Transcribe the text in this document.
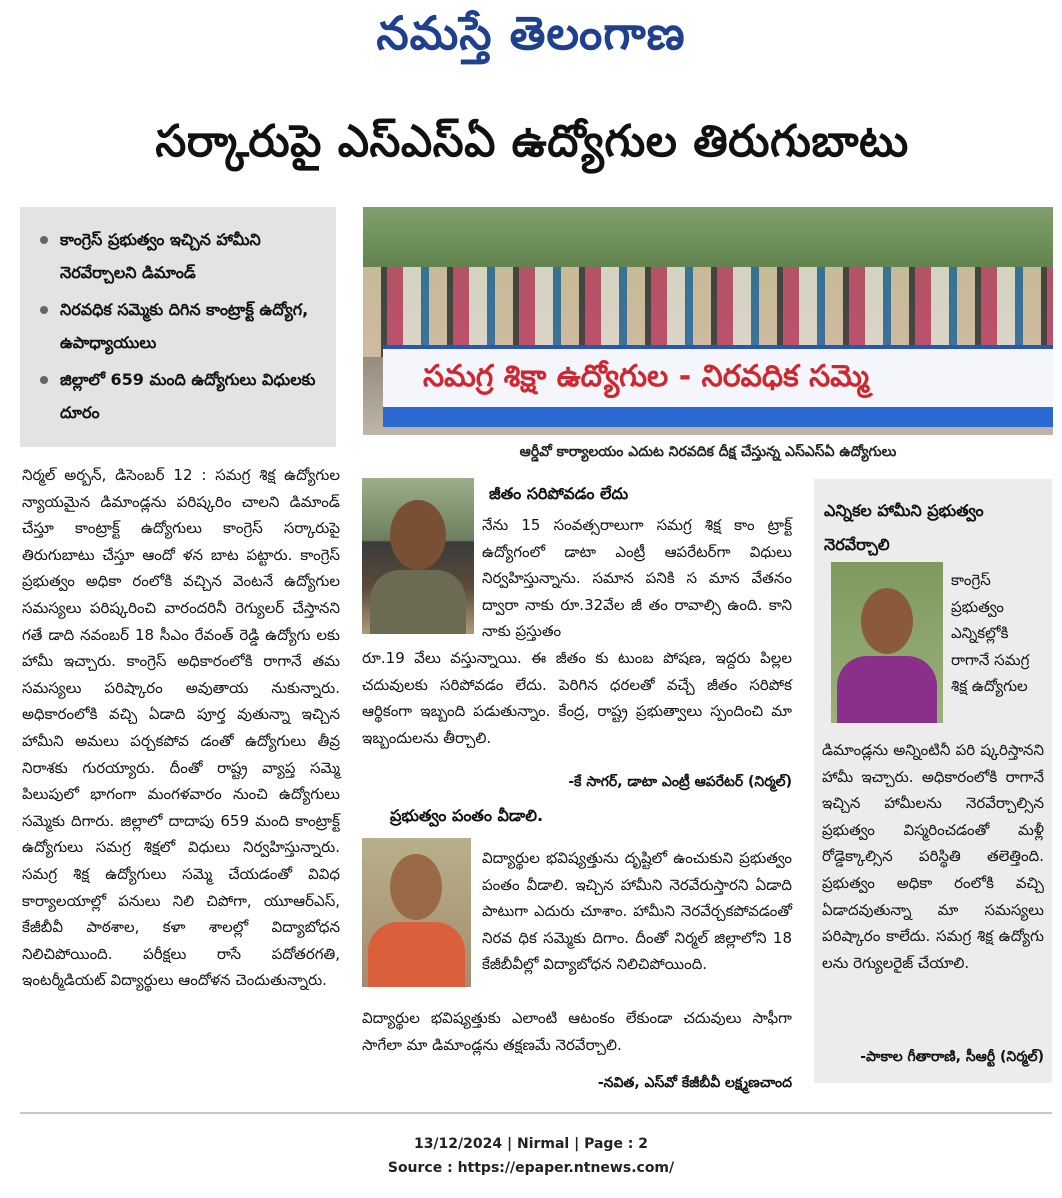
నమస్తే తెలంగాణ
సర్కారుపై ఎస్‌ఎస్‌ఏ ఉద్యోగుల తిరుగుబాటు
కాంగ్రెస్ ప్రభుత్వం ఇచ్చిన హామీని నెరవేర్చాలని డిమాండ్
నిరవధిక సమ్మెకు దిగిన కాంట్రాక్ట్ ఉద్యోగ, ఉపాధ్యాయులు
జిల్లాలో 659 మంది ఉద్యోగులు విధులకు దూరం
సమగ్ర శిక్షా ఉద్యోగుల - నిరవధిక సమ్మె
ఆర్డీవో కార్యాలయం ఎదుట నిరవదిక దీక్ష చేస్తున్న ఎస్ఎస్ఏ ఉద్యోగులు
నిర్మల్ అర్బన్, డిసెంబర్ 12 : సమగ్ర శిక్ష ఉద్యోగుల న్యాయమైన డిమాండ్లను పరిష్కరిం చాలని డిమాండ్ చేస్తూ కాంట్రాక్ట్ ఉద్యోగులు కాంగ్రెస్ సర్కారుపై తిరుగుబాటు చేస్తూ ఆందో ళన బాట పట్టారు. కాంగ్రెస్ ప్రభుత్వం అధికా రంలోకి వచ్చిన వెంటనే ఉద్యోగుల సమస్యలు పరిష్కరించి వారందరినీ రెగ్యులర్ చేస్తానని గతే డాది నవంబర్ 18 సీఎం రేవంత్ రెడ్డి ఉద్యోగు లకు హామీ ఇచ్చారు. కాంగ్రెస్ అధికారంలోకి రాగానే తమ సమస్యలు పరిష్కారం అవుతాయ నుకున్నారు. అధికారంలోకి వచ్చి ఏడాది పూర్త వుతున్నా ఇచ్చిన హామీని అమలు పర్చకపోవ డంతో ఉద్యోగులు తీవ్ర నిరాశకు గురయ్యారు. దీంతో రాష్ట్ర వ్యాప్త సమ్మె పిలుపులో భాగంగా మంగళవారం నుంచి ఉద్యోగులు సమ్మెకు దిగారు. జిల్లాలో దాదాపు 659 మంది కాంట్రాక్ట్ ఉద్యోగులు సమగ్ర శిక్షలో విధులు నిర్వహిస్తున్నారు. సమగ్ర శిక్ష ఉద్యోగులు సమ్మె చేయడంతో వివిధ కార్యాలయాల్లో పనులు నిలి చిపోగా, యూఆర్ఎస్, కేజీబీవీ పాఠశాల, కళా శాలల్లో విద్యాబోధన నిలిచిపోయింది. పరీక్షలు రాసే పదోతరగతి, ఇంటర్మీడియట్ విద్యార్థులు ఆందోళన చెందుతున్నారు.
జీతం సరిపోవడం లేదు
నేను 15 సంవత్సరాలుగా సమగ్ర శిక్ష కాం ట్రాక్ట్ ఉద్యోగంలో డాటా ఎంట్రీ ఆపరేటర్‌గా విధులు నిర్వహిస్తున్నాను. సమాన పనికి స మాన వేతనం ద్వారా నాకు రూ.32వేల జీ తం రావాల్సి ఉంది. కాని నాకు ప్రస్తుతం
రూ.19 వేలు వస్తున్నాయి. ఈ జీతం కు టుంబ పోషణ, ఇద్దరు పిల్లల చదువులకు సరిపోవడం లేదు. పెరిగిన ధరలతో వచ్చే జీతం సరిపోక ఆర్థికంగా ఇబ్బంది పడుతున్నాం. కేంద్ర, రాష్ట్ర ప్రభుత్వాలు స్పందించి మా ఇబ్బందులను తీర్చాలి.
-కే సాగర్, డాటా ఎంట్రీ ఆపరేటర్ (నిర్మల్)
ప్రభుత్వం పంతం వీడాలి.
విద్యార్థుల భవిష్యత్తును దృష్టిలో ఉంచుకుని ప్రభుత్వం పంతం వీడాలి. ఇచ్చిన హామీని నెరవేరుస్తారని ఏడాది పాటుగా ఎదురు చూశాం. హామీని నెరవేర్చకపోవడంతో నిరవ ధిక సమ్మెకు దిగాం. దీంతో నిర్మల్ జిల్లాలోని 18 కేజీబీవీల్లో విద్యాబోధన నిలిచిపోయింది.
విద్యార్థుల భవిష్యత్తుకు ఎలాంటి ఆటంకం లేకుండా చదువులు సాఫీగా సాగేలా మా డిమాండ్లను తక్షణమే నెరవేర్చాలి.
-నవిత, ఎస్‌వో కేజీబీవీ లక్ష్మణచాంద
ఎన్నికల హామీని ప్రభుత్వం నెరవేర్చాలి
కాంగ్రెస్ ప్రభుత్వం ఎన్నికల్లోకి రాగానే సమగ్ర శిక్ష ఉద్యోగుల
డిమాండ్లను అన్నింటినీ పరి ష్కరిస్తానని హామీ ఇచ్చారు. అధికారంలోకి రాగానే ఇచ్చిన హామీలను నెరవేర్చాల్సిన ప్రభుత్వం విస్మరించడంతో మళ్లీ రోడ్డెక్కాల్సిన పరిస్థితి తలెత్తింది. ప్రభుత్వం అధికా రంలోకి వచ్చి ఏడాదవుతున్నా మా సమస్యలు పరిష్కారం కాలేదు. సమగ్ర శిక్ష ఉద్యోగు లను రెగ్యులరైజ్ చేయాలి.
-పాకాల గీతారాణి, సీఆర్టీ (నిర్మల్)
13/12/2024 | Nirmal | Page : 2
Source : https://epaper.ntnews.com/
